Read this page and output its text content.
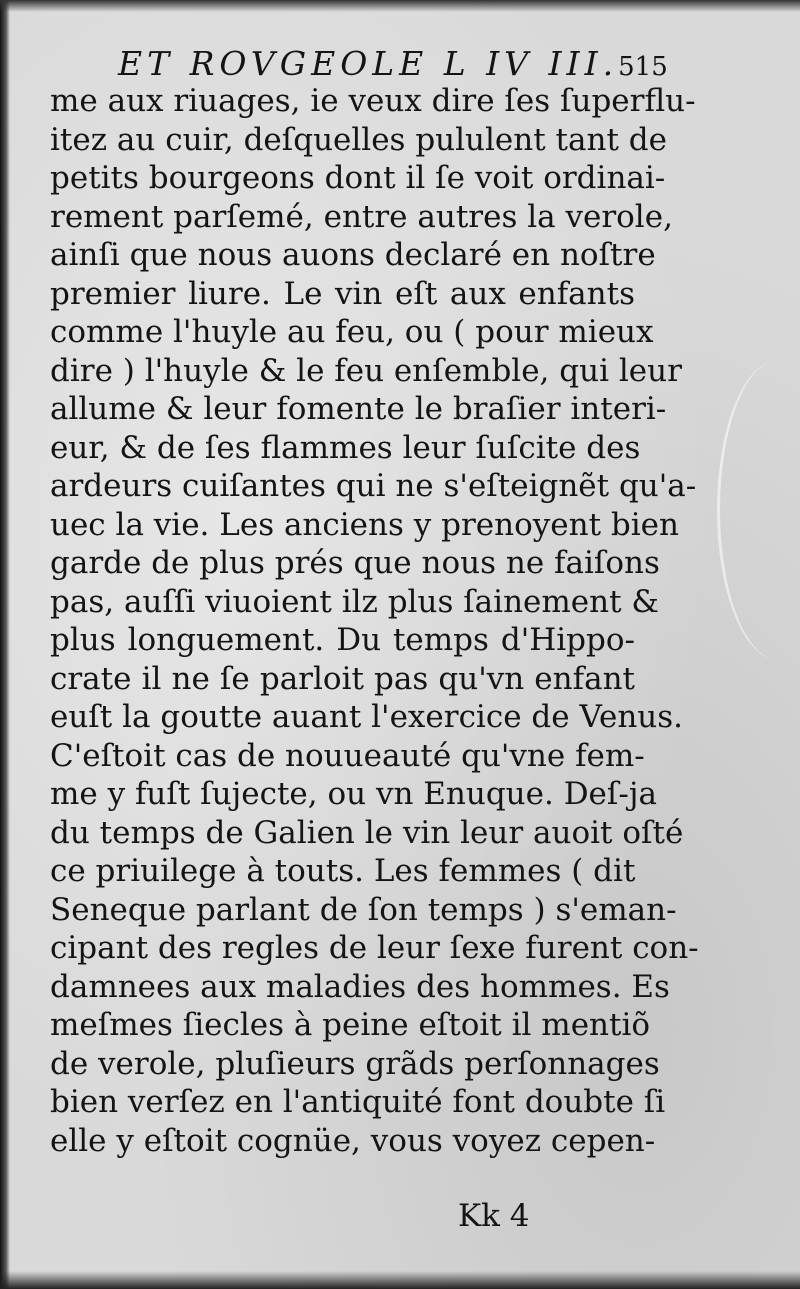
ET ROVGEOLE L IV III.515
me aux riuages, ie veux dire ſes ſuperflu-
itez au cuir, deſquelles pululent tant de
petits bourgeons dont il ſe voit ordinai-
rement parſemé, entre autres la verole,
ainſi que nous auons declaré en noſtre
premier liure. Le vin eſt aux enfants
comme l'huyle au feu, ou ( pour mieux
dire ) l'huyle & le feu enſemble, qui leur
allume & leur fomente le braſier interi-
eur, & de ſes flammes leur ſuſcite des
ardeurs cuiſantes qui ne s'eſteignẽt qu'a-
uec la vie. Les anciens y prenoyent bien
garde de plus prés que nous ne faiſons
pas, auſſi viuoient ilz plus ſainement &
plus longuement. Du temps d'Hippo-
crate il ne ſe parloit pas qu'vn enfant
euſt la goutte auant l'exercice de Venus.
C'eſtoit cas de nouueauté qu'vne fem-
me y fuſt ſujecte, ou vn Enuque. Deſ-ja
du temps de Galien le vin leur auoit oſté
ce priuilege à touts. Les femmes ( dit
Seneque parlant de ſon temps ) s'eman-
cipant des regles de leur ſexe furent con-
damnees aux maladies des hommes. Es
meſmes ſiecles à peine eſtoit il mentiõ
de verole, pluſieurs grãds perſonnages
bien verſez en l'antiquité font doubte ſi
elle y eſtoit cognüe, vous voyez cepen-
Kk 4
